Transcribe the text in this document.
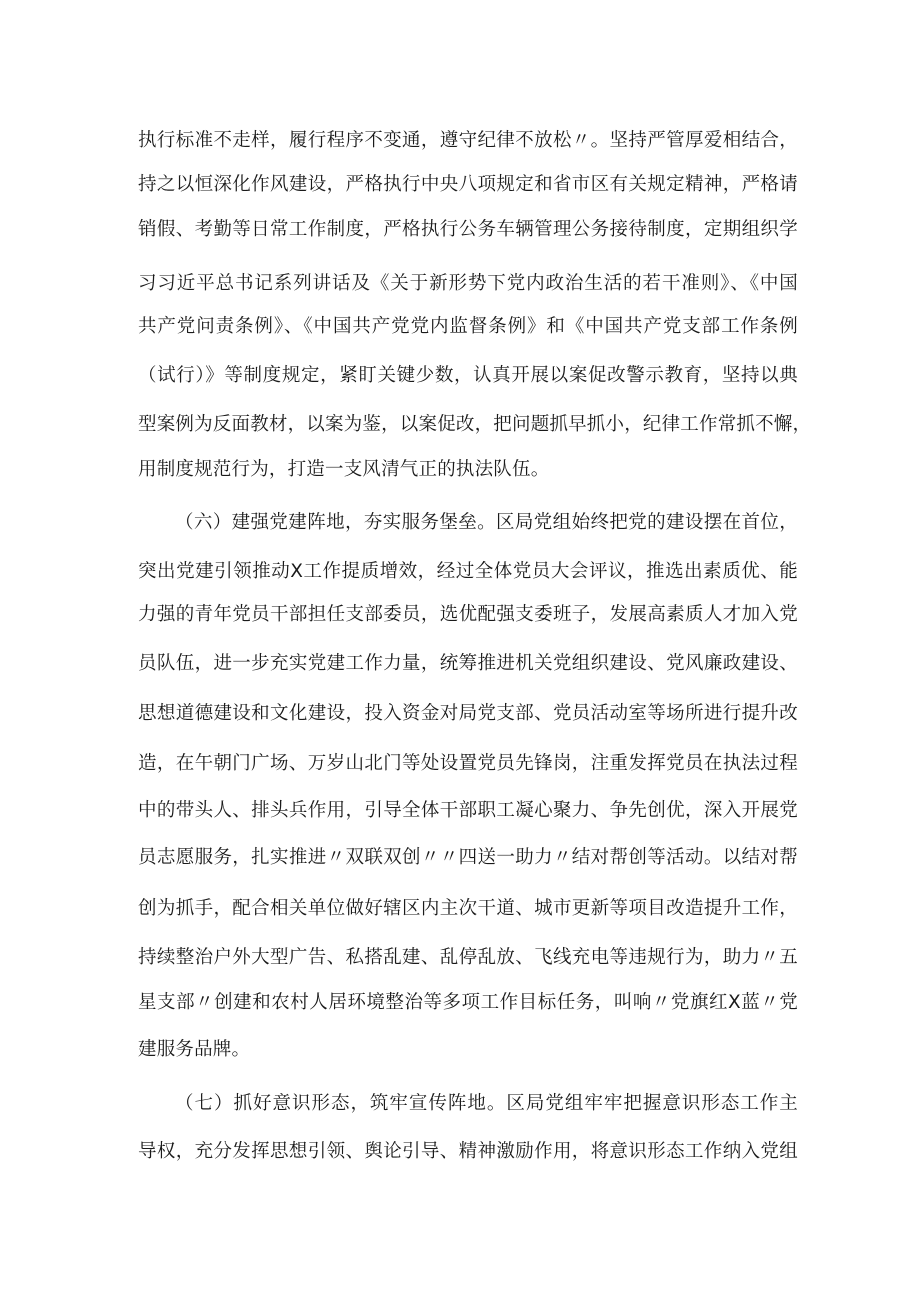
执行标准不走样，履行程序不变通，遵守纪律不放松〃。坚持严管厚爱相结合，
持之以恒深化作风建设，严格执行中央八项规定和省市区有关规定精神，严格请
销假、考勤等日常工作制度，严格执行公务车辆管理公务接待制度，定期组织学
习习近平总书记系列讲话及《关于新形势下党内政治生活的若干准则》、《中国
共产党问责条例》、《中国共产党党内监督条例》和《中国共产党支部工作条例
（试行）》等制度规定，紧盯关键少数，认真开展以案促改警示教育，坚持以典
型案例为反面教材，以案为鉴，以案促改，把问题抓早抓小，纪律工作常抓不懈，
用制度规范行为，打造一支风清气正的执法队伍。
（六）建强党建阵地，夯实服务堡垒。区局党组始终把党的建设摆在首位，
突出党建引领推动X工作提质增效，经过全体党员大会评议，推选出素质优、能
力强的青年党员干部担任支部委员，选优配强支委班子，发展高素质人才加入党
员队伍，进一步充实党建工作力量，统筹推进机关党组织建设、党风廉政建设、
思想道德建设和文化建设，投入资金对局党支部、党员活动室等场所进行提升改
造，在午朝门广场、万岁山北门等处设置党员先锋岗，注重发挥党员在执法过程
中的带头人、排头兵作用，引导全体干部职工凝心聚力、争先创优，深入开展党
员志愿服务，扎实推进〃双联双创〃〃四送一助力〃结对帮创等活动。以结对帮
创为抓手，配合相关单位做好辖区内主次干道、城市更新等项目改造提升工作，
持续整治户外大型广告、私搭乱建、乱停乱放、飞线充电等违规行为，助力〃五
星支部〃创建和农村人居环境整治等多项工作目标任务，叫响〃党旗红X蓝〃党
建服务品牌。
（七）抓好意识形态，筑牢宣传阵地。区局党组牢牢把握意识形态工作主
导权，充分发挥思想引领、舆论引导、精神激励作用，将意识形态工作纳入党组
